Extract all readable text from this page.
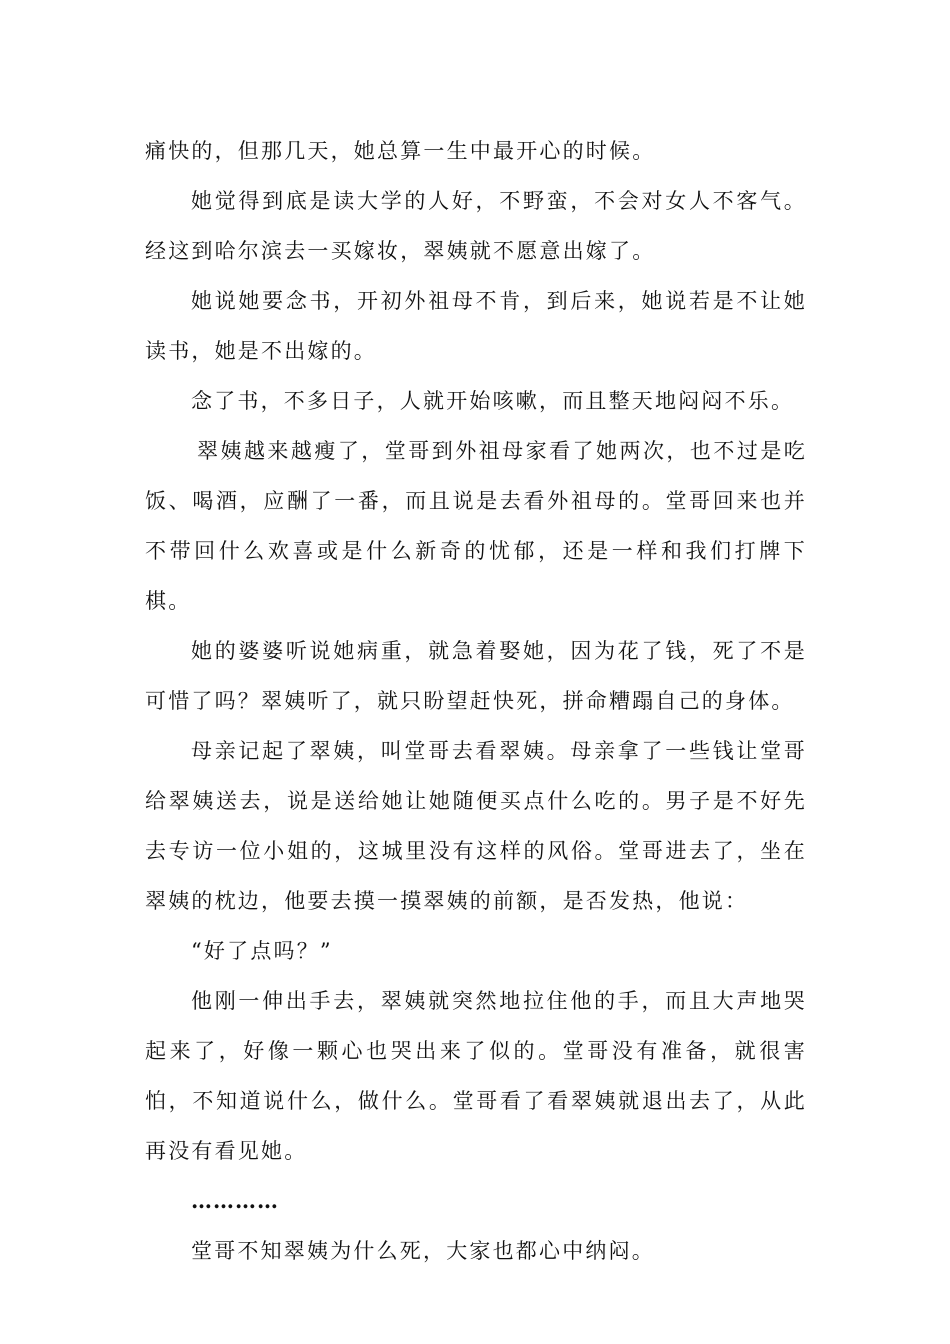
痛快的，但那几天，她总算一生中最开心的时候。

她觉得到底是读大学的人好，不野蛮，不会对女人不客气。经这到哈尔滨去一买嫁妆，翠姨就不愿意出嫁了。

她说她要念书，开初外祖母不肯，到后来，她说若是不让她读书，她是不出嫁的。

念了书，不多日子，人就开始咳嗽，而且整天地闷闷不乐。

翠姨越来越瘦了，堂哥到外祖母家看了她两次，也不过是吃饭、喝酒，应酬了一番，而且说是去看外祖母的。堂哥回来也并不带回什么欢喜或是什么新奇的忧郁，还是一样和我们打牌下棋。

她的婆婆听说她病重，就急着娶她，因为花了钱，死了不是可惜了吗？翠姨听了，就只盼望赶快死，拼命糟蹋自己的身体。

母亲记起了翠姨，叫堂哥去看翠姨。母亲拿了一些钱让堂哥给翠姨送去，说是送给她让她随便买点什么吃的。男子是不好先去专访一位小姐的，这城里没有这样的风俗。堂哥进去了，坐在翠姨的枕边，他要去摸一摸翠姨的前额，是否发热，他说：

“好了点吗？”

他刚一伸出手去，翠姨就突然地拉住他的手，而且大声地哭起来了，好像一颗心也哭出来了似的。堂哥没有准备，就很害怕，不知道说什么，做什么。堂哥看了看翠姨就退出去了，从此再没有看见她。

…………

堂哥不知翠姨为什么死，大家也都心中纳闷。
